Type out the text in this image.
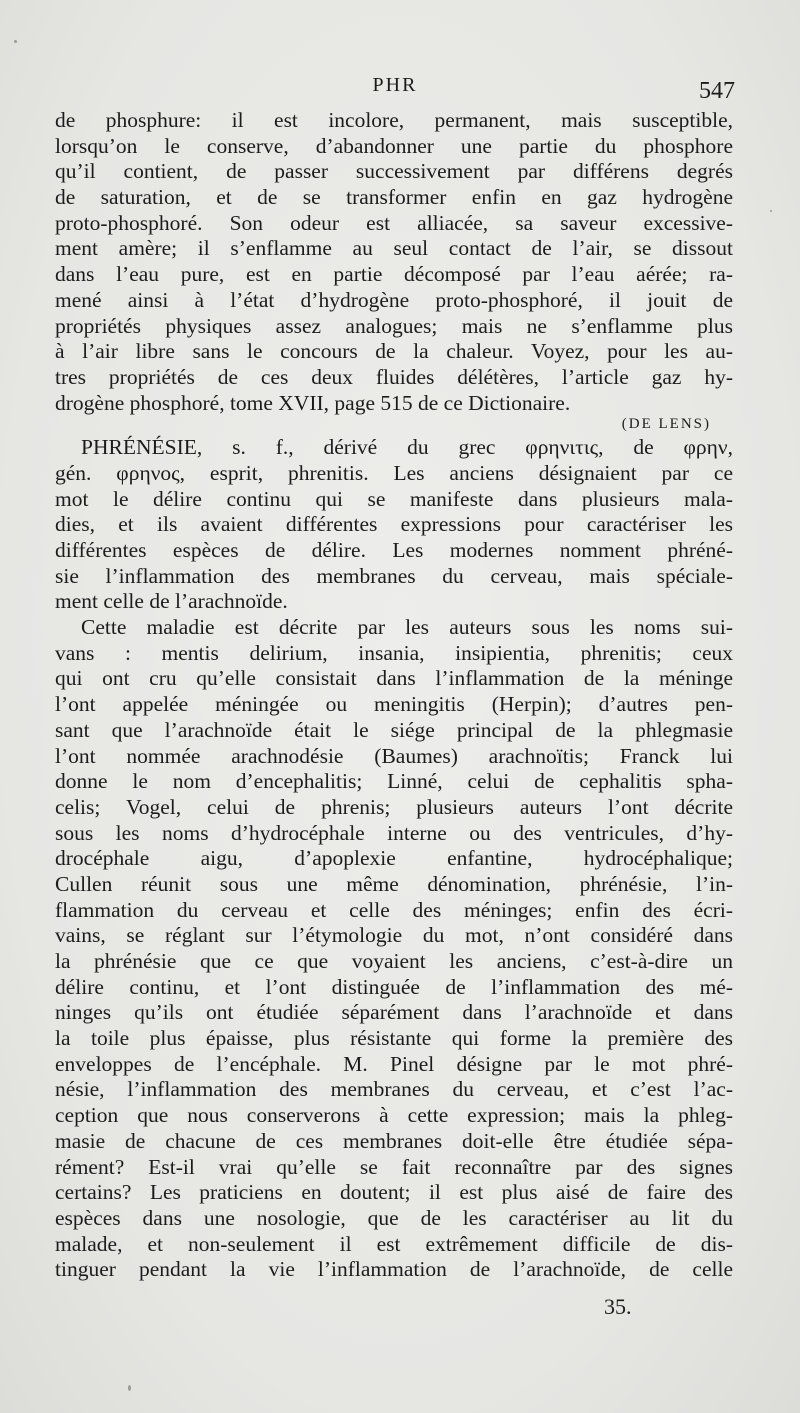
PHR	547
de phosphure: il est incolore, permanent, mais susceptible,
lorsqu’on le conserve, d’abandonner une partie du phosphore
qu’il contient, de passer successivement par différens degrés
de saturation, et de se transformer enfin en gaz hydrogène
proto-phosphoré. Son odeur est alliacée, sa saveur excessive-
ment amère; il s’enflamme au seul contact de l’air, se dissout
dans l’eau pure, est en partie décomposé par l’eau aérée; ra-
mené ainsi à l’état d’hydrogène proto-phosphoré, il jouit de
propriétés physiques assez analogues; mais ne s’enflamme plus
à l’air libre sans le concours de la chaleur. Voyez, pour les au-
tres propriétés de ces deux fluides délétères, l’article gaz hy-
drogène phosphoré, tome XVII, page 515 de ce Dictionaire.
(DE LENS)
PHRÉNÉSIE, s. f., dérivé du grec φρηνιτις, de φρην,
gén. φρηνος, esprit, phrenitis. Les anciens désignaient par ce
mot le délire continu qui se manifeste dans plusieurs mala-
dies, et ils avaient différentes expressions pour caractériser les
différentes espèces de délire. Les modernes nomment phréné-
sie l’inflammation des membranes du cerveau, mais spéciale-
ment celle de l’arachnoïde.
Cette maladie est décrite par les auteurs sous les noms sui-
vans : mentis delirium, insania, insipientia, phrenitis; ceux
qui ont cru qu’elle consistait dans l’inflammation de la méninge
l’ont appelée méningée ou meningitis (Herpin); d’autres pen-
sant que l’arachnoïde était le siége principal de la phlegmasie
l’ont nommée arachnodésie (Baumes) arachnoïtis; Franck lui
donne le nom d’encephalitis; Linné, celui de cephalitis spha-
celis; Vogel, celui de phrenis; plusieurs auteurs l’ont décrite
sous les noms d’hydrocéphale interne ou des ventricules, d’hy-
drocéphale aigu, d’apoplexie enfantine, hydrocéphalique;
Cullen réunit sous une même dénomination, phrénésie, l’in-
flammation du cerveau et celle des méninges; enfin des écri-
vains, se réglant sur l’étymologie du mot, n’ont considéré dans
la phrénésie que ce que voyaient les anciens, c’est-à-dire un
délire continu, et l’ont distinguée de l’inflammation des mé-
ninges qu’ils ont étudiée séparément dans l’arachnoïde et dans
la toile plus épaisse, plus résistante qui forme la première des
enveloppes de l’encéphale. M. Pinel désigne par le mot phré-
nésie, l’inflammation des membranes du cerveau, et c’est l’ac-
ception que nous conserverons à cette expression; mais la phleg-
masie de chacune de ces membranes doit-elle être étudiée sépa-
rément? Est-il vrai qu’elle se fait reconnaître par des signes
certains? Les praticiens en doutent; il est plus aisé de faire des
espèces dans une nosologie, que de les caractériser au lit du
malade, et non-seulement il est extrêmement difficile de dis-
tinguer pendant la vie l’inflammation de l’arachnoïde, de celle
35.
